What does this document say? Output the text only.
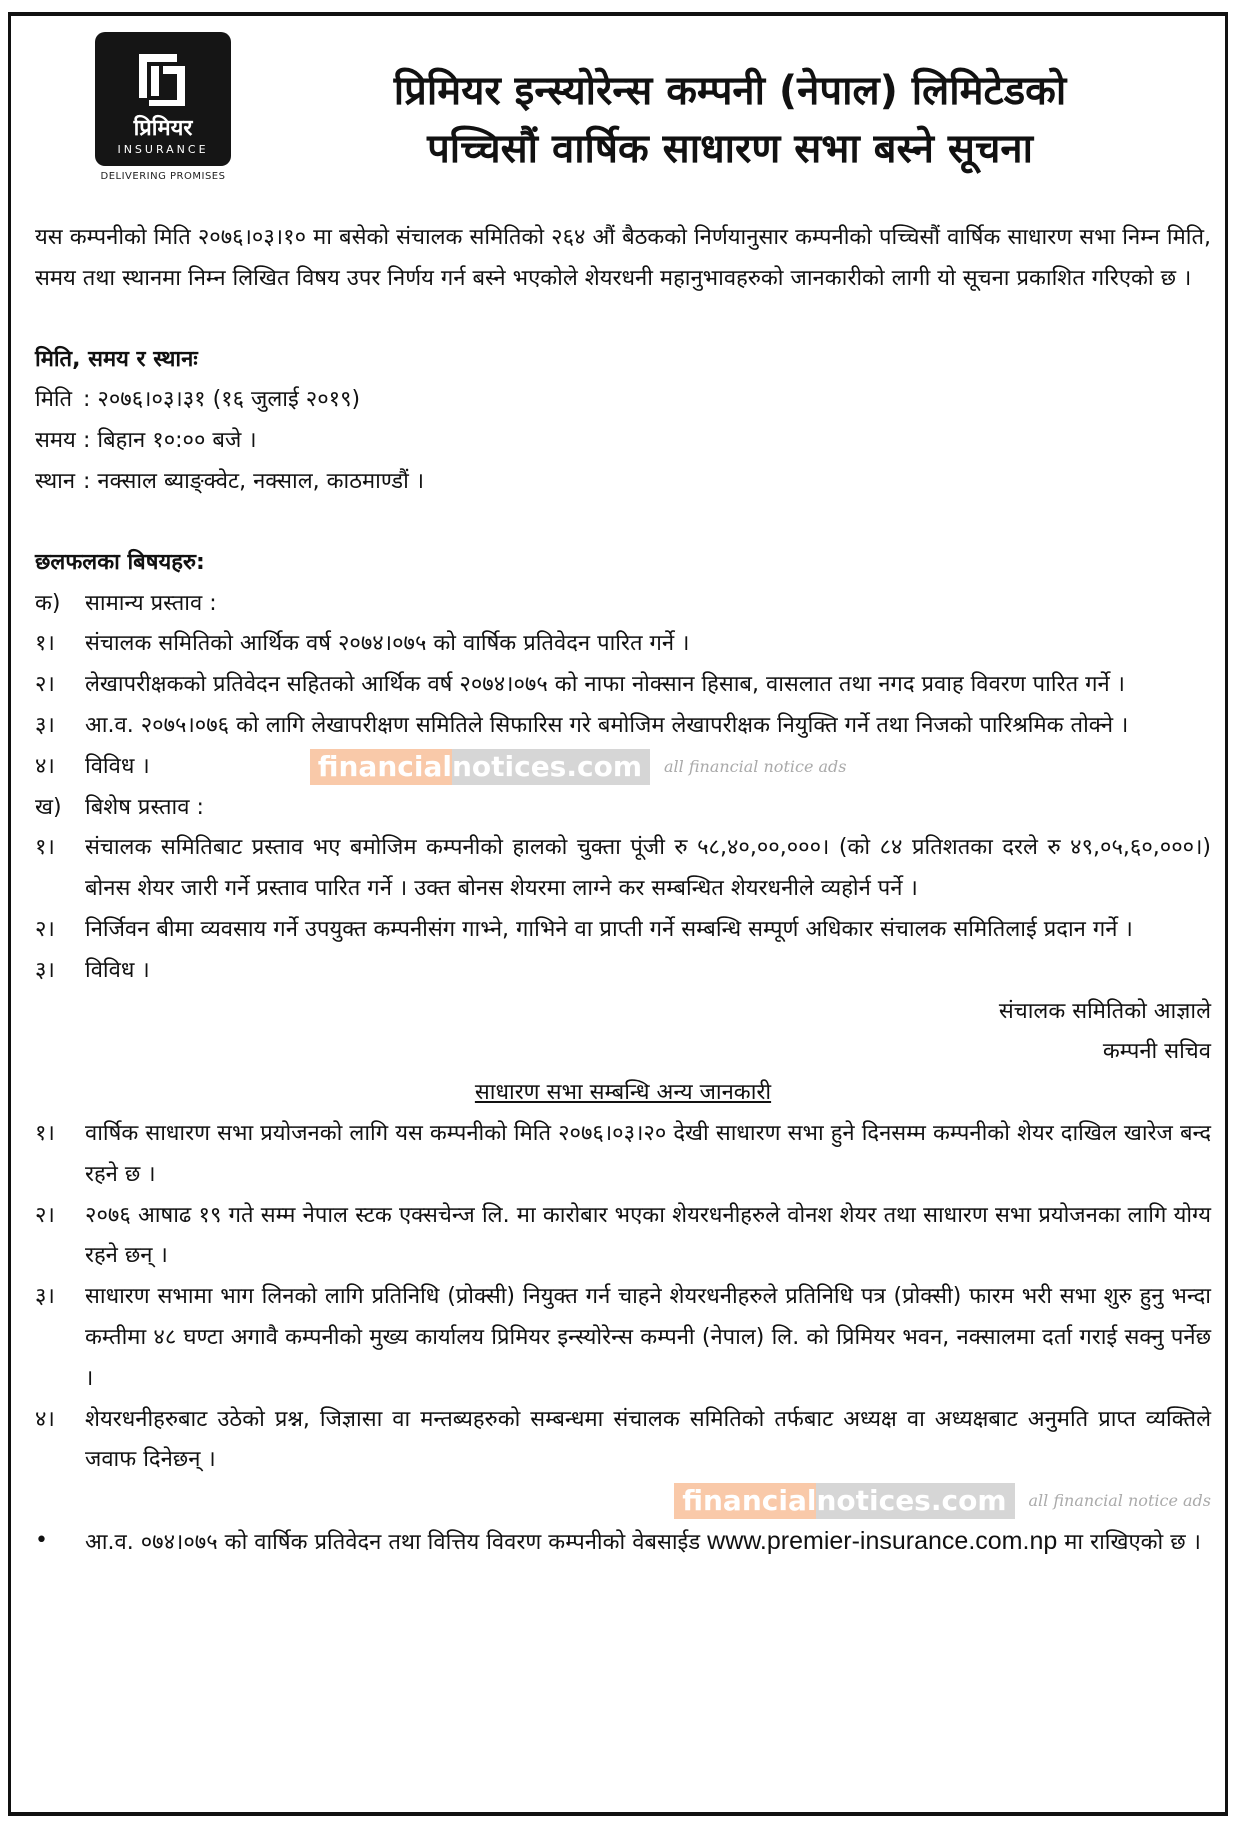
प्रिमियर
INSURANCE
DELIVERING PROMISES
प्रिमियर इन्स्योरेन्स कम्पनी (नेपाल) लिमिटेडको
पच्चिसौं वार्षिक साधारण सभा बस्ने सूचना
यस कम्पनीको मिति २०७६।०३।१० मा बसेको संचालक समितिको २६४ औं बैठकको निर्णयानुसार कम्पनीको पच्चिसौं वार्षिक साधारण सभा निम्न मिति, समय तथा स्थानमा निम्न लिखित विषय उपर निर्णय गर्न बस्ने भएकोले शेयरधनी महानुभावहरुको जानकारीको लागी यो सूचना प्रकाशित गरिएको छ ।
मिति, समय र स्थानः
मिति : २०७६।०३।३१ (१६ जुलाई २०१९)
समय : बिहान १०:०० बजे ।
स्थान : नक्साल ब्याङ्क्वेट, नक्साल, काठमाण्डौं ।
छलफलका बिषयहरु:
क)	सामान्य प्रस्ताव :
१।	संचालक समितिको आर्थिक वर्ष २०७४।०७५ को वार्षिक प्रतिवेदन पारित गर्ने ।
२।	लेखापरीक्षकको प्रतिवेदन सहितको आर्थिक वर्ष २०७४।०७५ को नाफा नोक्सान हिसाब, वासलात तथा नगद प्रवाह विवरण पारित गर्ने ।
३।	आ.व. २०७५।०७६ को लागि लेखापरीक्षण समितिले सिफारिस गरे बमोजिम लेखापरीक्षक नियुक्ति गर्ने तथा निजको पारिश्रमिक तोक्ने ।
४।	विविध ।	financial notices.com	all financial notice ads
ख)	बिशेष प्रस्ताव :
१।	संचालक समितिबाट प्रस्ताव भए बमोजिम कम्पनीको हालको चुक्ता पूंजी रु ५८,४०,००,०००। (को ८४ प्रतिशतका दरले रु ४९,०५,६०,०००।) बोनस शेयर जारी गर्ने प्रस्ताव पारित गर्ने । उक्त बोनस शेयरमा लाग्ने कर सम्बन्धित शेयरधनीले व्यहोर्न पर्ने ।
२।	निर्जिवन बीमा व्यवसाय गर्ने उपयुक्त कम्पनीसंग गाभ्ने, गाभिने वा प्राप्ती गर्ने सम्बन्धि सम्पूर्ण अधिकार संचालक समितिलाई प्रदान गर्ने ।
३।	विविध ।
संचालक समितिको आज्ञाले
कम्पनी सचिव
साधारण सभा सम्बन्धि अन्य जानकारी
१।	वार्षिक साधारण सभा प्रयोजनको लागि यस कम्पनीको मिति २०७६।०३।२० देखी साधारण सभा हुने दिनसम्म कम्पनीको शेयर दाखिल खारेज बन्द रहने छ ।
२।	२०७६ आषाढ १९ गते सम्म नेपाल स्टक एक्सचेन्ज लि. मा कारोबार भएका शेयरधनीहरुले वोनश शेयर तथा साधारण सभा प्रयोजनका लागि योग्य रहने छन् ।
३।	साधारण सभामा भाग लिनको लागि प्रतिनिधि (प्रोक्सी) नियुक्त गर्न चाहने शेयरधनीहरुले प्रतिनिधि पत्र (प्रोक्सी) फारम भरी सभा शुरु हुनु भन्दा कम्तीमा ४८ घण्टा अगावै कम्पनीको मुख्य कार्यालय प्रिमियर इन्स्योरेन्स कम्पनी (नेपाल) लि. को प्रिमियर भवन, नक्सालमा दर्ता गराई सक्नु पर्नेछ ।
४।	शेयरधनीहरुबाट उठेको प्रश्न, जिज्ञासा वा मन्तब्यहरुको सम्बन्धमा संचालक समितिको तर्फबाट अध्यक्ष वा अध्यक्षबाट अनुमति प्राप्त व्यक्तिले जवाफ दिनेछन् ।
financial notices.com	all financial notice ads
•	आ.व. ०७४।०७५ को वार्षिक प्रतिवेदन तथा वित्तिय विवरण कम्पनीको वेबसाईड www.premier-insurance.com.np मा राखिएको छ ।
